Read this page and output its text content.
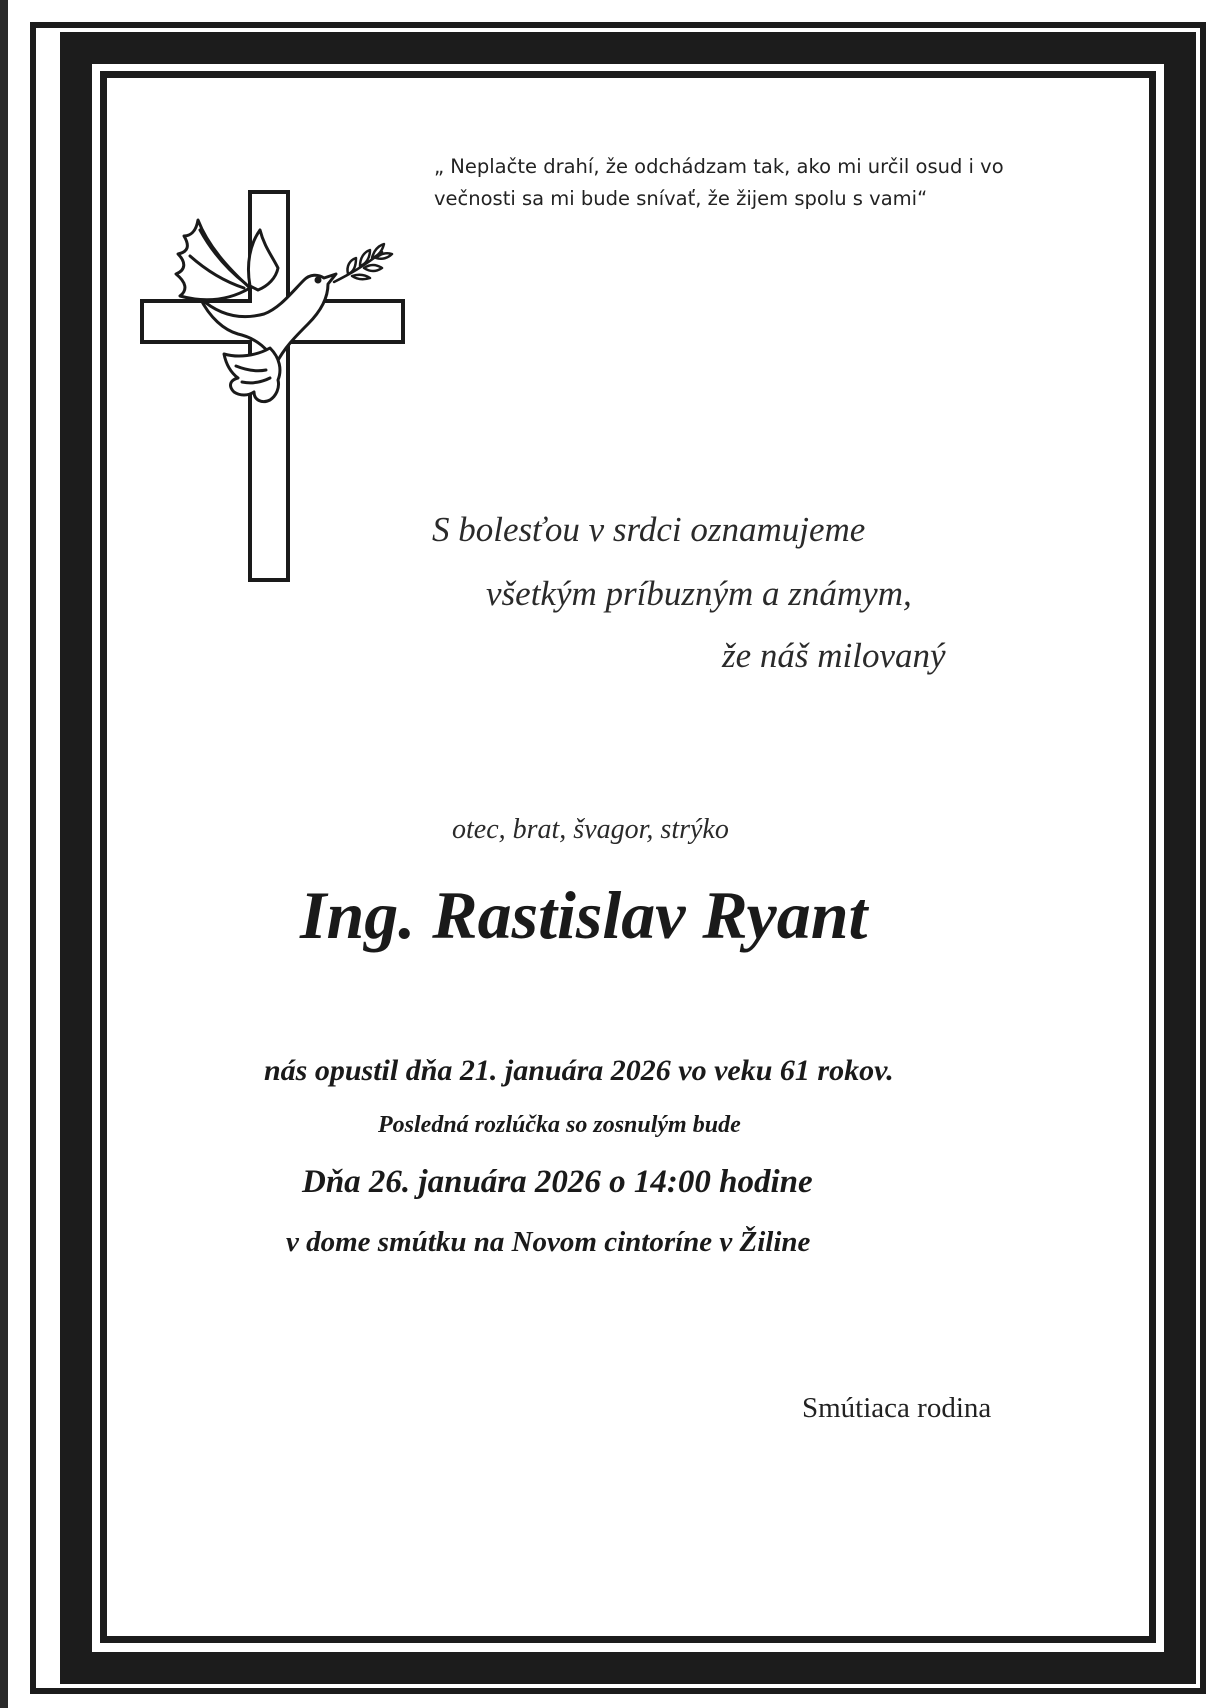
„ Neplačte drahí, že odchádzam tak, ako mi určil osud i vo
večnosti sa mi bude snívať, že žijem spolu s vami“
S bolesťou v srdci oznamujeme
všetkým príbuzným a známym,
že náš milovaný
otec, brat, švagor, strýko
Ing. Rastislav Ryant
nás opustil dňa 21. januára 2026 vo veku 61 rokov.
Posledná rozlúčka so zosnulým bude
Dňa 26. januára 2026 o 14:00 hodine
v dome smútku na Novom cintoríne v Žiline
Smútiaca rodina
